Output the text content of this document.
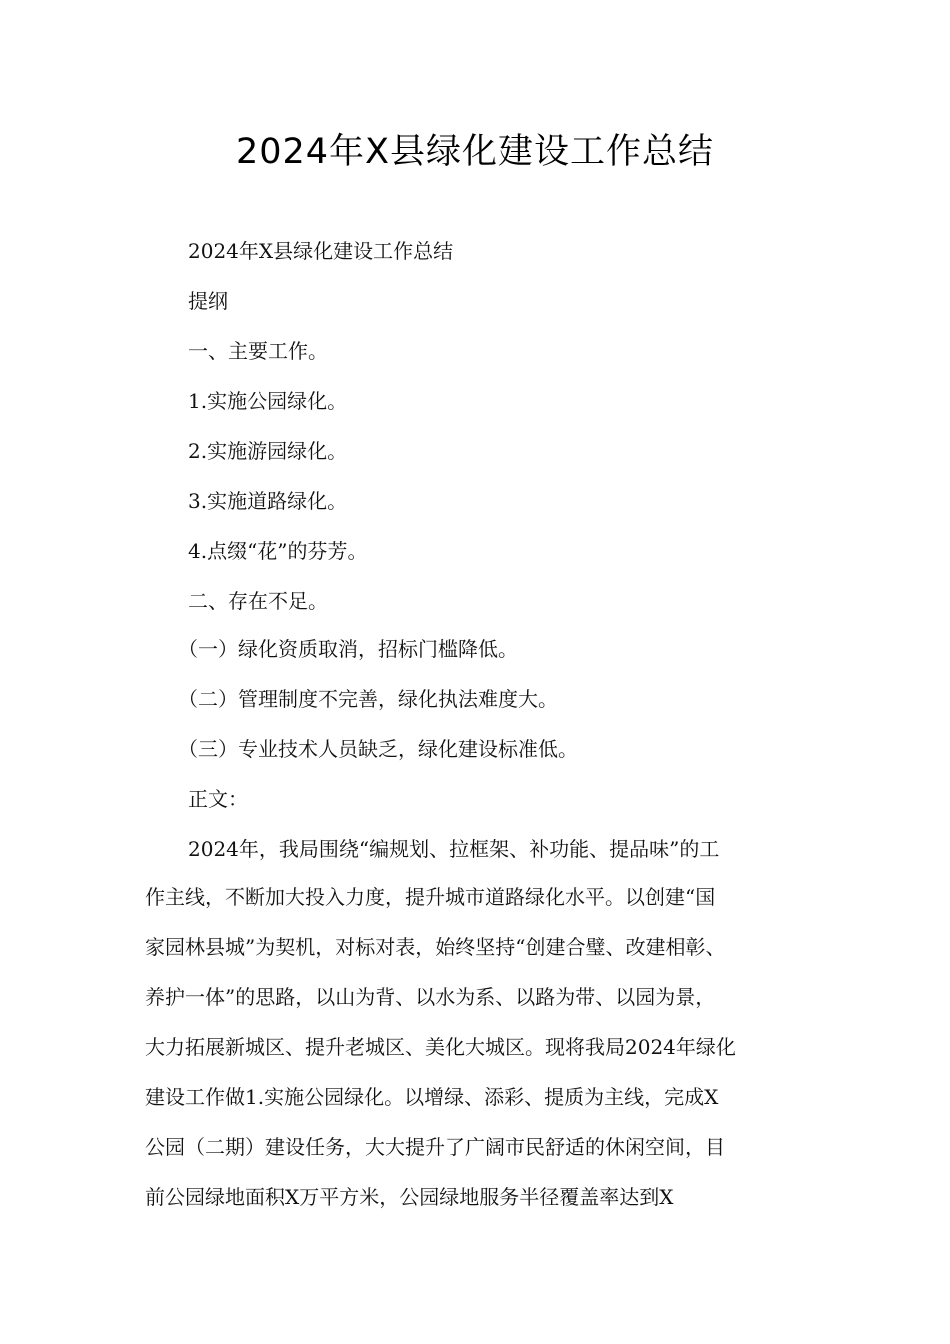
2024年X县绿化建设工作总结
2024年X县绿化建设工作总结
提纲
一、主要工作。
1.实施公园绿化。
2.实施游园绿化。
3.实施道路绿化。
4.点缀“花”的芬芳。
二、存在不足。
（一）绿化资质取消，招标门槛降低。
（二）管理制度不完善，绿化执法难度大。
（三）专业技术人员缺乏，绿化建设标准低。
正文：
2024年，我局围绕“编规划、拉框架、补功能、提品味”的工
作主线，不断加大投入力度，提升城市道路绿化水平。以创建“国
家园林县城”为契机，对标对表，始终坚持“创建合璧、改建相彰、
养护一体”的思路，以山为背、以水为系、以路为带、以园为景，
大力拓展新城区、提升老城区、美化大城区。现将我局2024年绿化
建设工作做1.实施公园绿化。以增绿、添彩、提质为主线，完成X
公园（二期）建设任务，大大提升了广阔市民舒适的休闲空间，目
前公园绿地面积X万平方米，公园绿地服务半径覆盖率达到X
